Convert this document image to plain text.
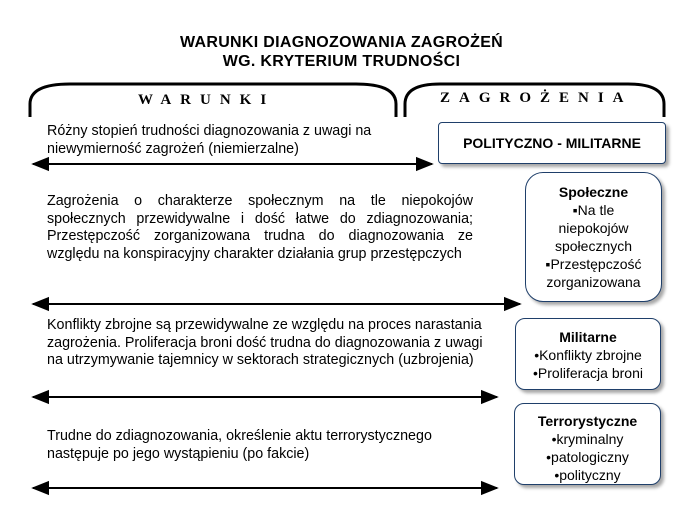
WARUNKI DIAGNOZOWANIA ZAGROŻEŃ
WG. KRYTERIUM TRUDNOŚCI
WARUNKI	ZAGROŻENIA
Różny stopień trudności diagnozowania z uwagi na niewymierność zagrożeń (niemierzalne)
Zagrożenia o charakterze społecznym na tle niepokojów społecznych przewidywalne i dość łatwe do zdiagnozowania; Przestępczość zorganizowana trudna do diagnozowania ze względu na konspiracyjny charakter działania grup przestępczych
Konflikty zbrojne są przewidywalne ze względu na proces narastania zagrożenia. Proliferacja broni dość trudna do diagnozowania z uwagi na utrzymywanie tajemnicy w sektorach strategicznych (uzbrojenia)
Trudne do zdiagnozowania, określenie aktu terrorystycznego następuje po jego wystąpieniu (po fakcie)
POLITYCZNO - MILITARNE
Społeczne
▪Na tle niepokojów społecznych
▪Przestępczość zorganizowana
Militarne
•Konflikty zbrojne
•Proliferacja broni
Terrorystyczne
•kryminalny
•patologiczny
•polityczny
